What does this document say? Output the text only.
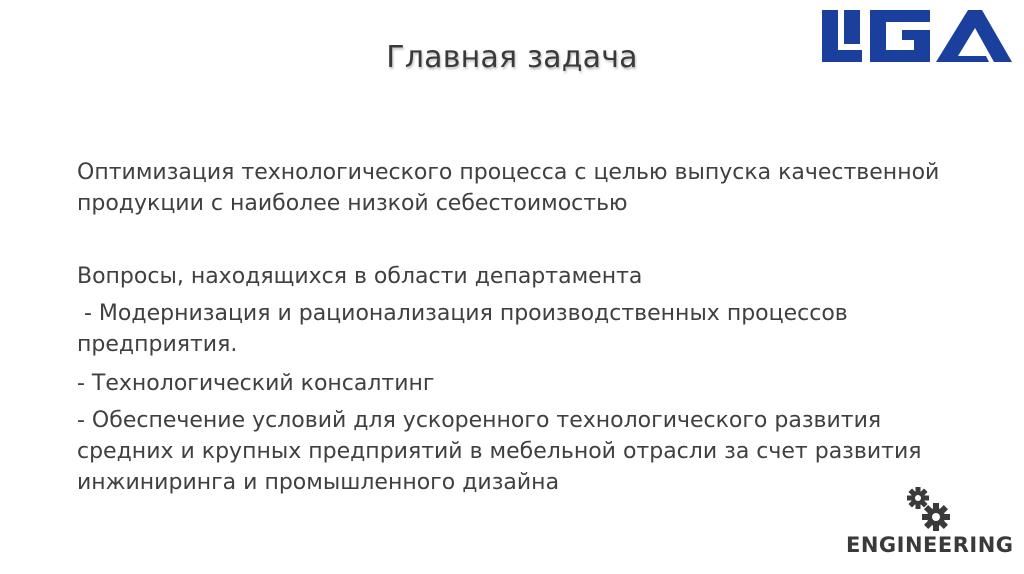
Главная задача
Оптимизация технологического процесса с целью выпуска качественной продукции с наиболее низкой себестоимостью
Вопросы, находящихся в области департамента
- Модернизация и рационализация производственных процессов предприятия.
- Технологический консалтинг
- Обеспечение условий для ускоренного технологического развития средних и крупных предприятий в мебельной отрасли за счет развития инжиниринга и промышленного дизайна
ENGINEERING
